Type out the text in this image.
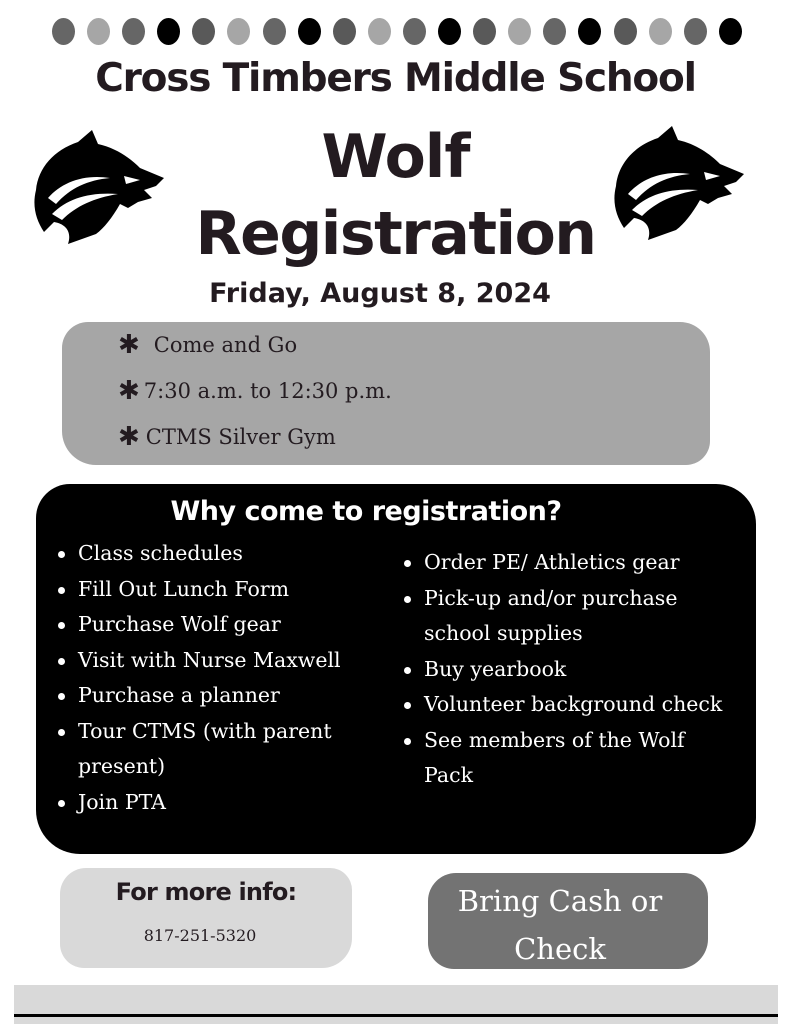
Cross Timbers Middle School
Wolf
Registration
Friday, August 8, 2024
✱ Come and Go
✱ 7:30 a.m. to 12:30 p.m.
✱ CTMS Silver Gym
Why come to registration?
Class schedules
Fill Out Lunch Form
Purchase Wolf gear
Visit with Nurse Maxwell
Purchase a planner
Tour CTMS (with parent present)
Join PTA
Order PE/ Athletics gear
Pick-up and/or purchase school supplies
Buy yearbook
Volunteer background check
See members of the Wolf Pack
For more info:
817-251-5320
Bring Cash or Check
